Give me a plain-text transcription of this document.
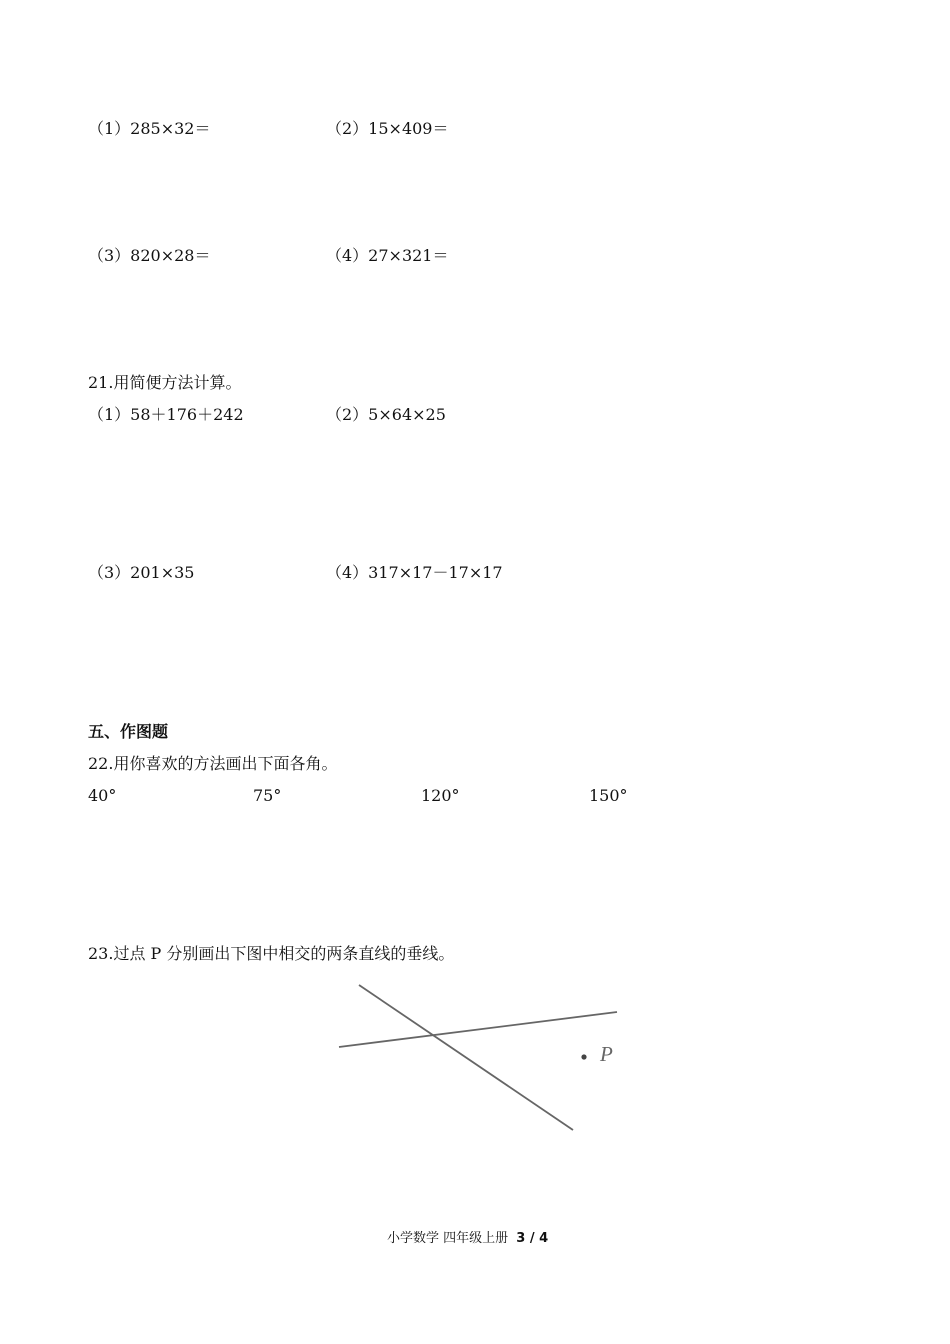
（1）285×32＝	（2）15×409＝
（3）820×28＝	（4）27×321＝
21.用简便方法计算。
（1）58＋176＋242	（2）5×64×25
（3）201×35	（4）317×17－17×17
五、作图题
22.用你喜欢的方法画出下面各角。
40°	75°	120°	150°
23.过点 P 分别画出下图中相交的两条直线的垂线。
P
小学数学 四年级上册 3 / 4
